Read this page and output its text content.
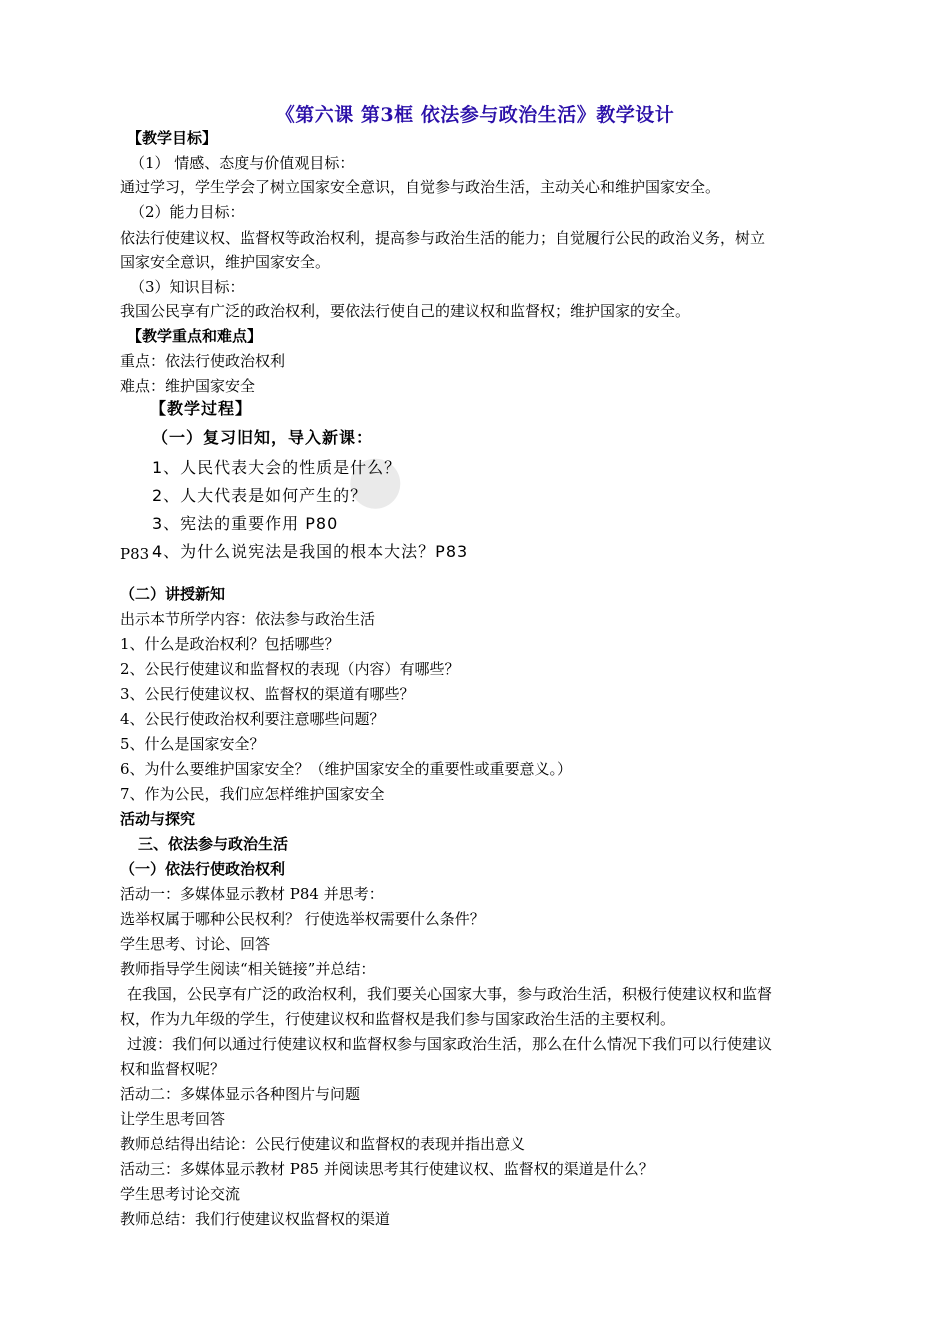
《第六课 第3框 依法参与政治生活》教学设计
【教学目标】
（1） 情感、态度与价值观目标：
通过学习，学生学会了树立国家安全意识，自觉参与政治生活，主动关心和维护国家安全。
（2）能力目标：
依法行使建议权、监督权等政治权利，提高参与政治生活的能力；自觉履行公民的政治义务，树立
国家安全意识，维护国家安全。
（3）知识目标：
我国公民享有广泛的政治权利，要依法行使自己的建议权和监督权；维护国家的安全。
【教学重点和难点】
重点：依法行使政治权利
难点：维护国家安全
【教学过程】
（一）复习旧知，导入新课：
1、人民代表大会的性质是什么？
2、人大代表是如何产生的？
3、宪法的重要作用 P80
P83 4、为什么说宪法是我国的根本大法？P83
（二）讲授新知
出示本节所学内容：依法参与政治生活
1、什么是政治权利？包括哪些？
2、公民行使建议和监督权的表现（内容）有哪些？
3、公民行使建议权、监督权的渠道有哪些？
4、公民行使政治权利要注意哪些问题？
5、什么是国家安全？
6、为什么要维护国家安全？（维护国家安全的重要性或重要意义。）
7、作为公民，我们应怎样维护国家安全
活动与探究
三、依法参与政治生活
（一）依法行使政治权利
活动一：多媒体显示教材 P84 并思考：
选举权属于哪种公民权利？ 行使选举权需要什么条件？
学生思考、讨论、回答
教师指导学生阅读“相关链接”并总结：
在我国，公民享有广泛的政治权利，我们要关心国家大事，参与政治生活，积极行使建议权和监督
权，作为九年级的学生，行使建议权和监督权是我们参与国家政治生活的主要权利。
过渡：我们何以通过行使建议权和监督权参与国家政治生活，那么在什么情况下我们可以行使建议
权和监督权呢？
活动二：多媒体显示各种图片与问题
让学生思考回答
教师总结得出结论：公民行使建议和监督权的表现并指出意义
活动三：多媒体显示教材 P85 并阅读思考其行使建议权、监督权的渠道是什么？
学生思考讨论交流
教师总结：我们行使建议权监督权的渠道
